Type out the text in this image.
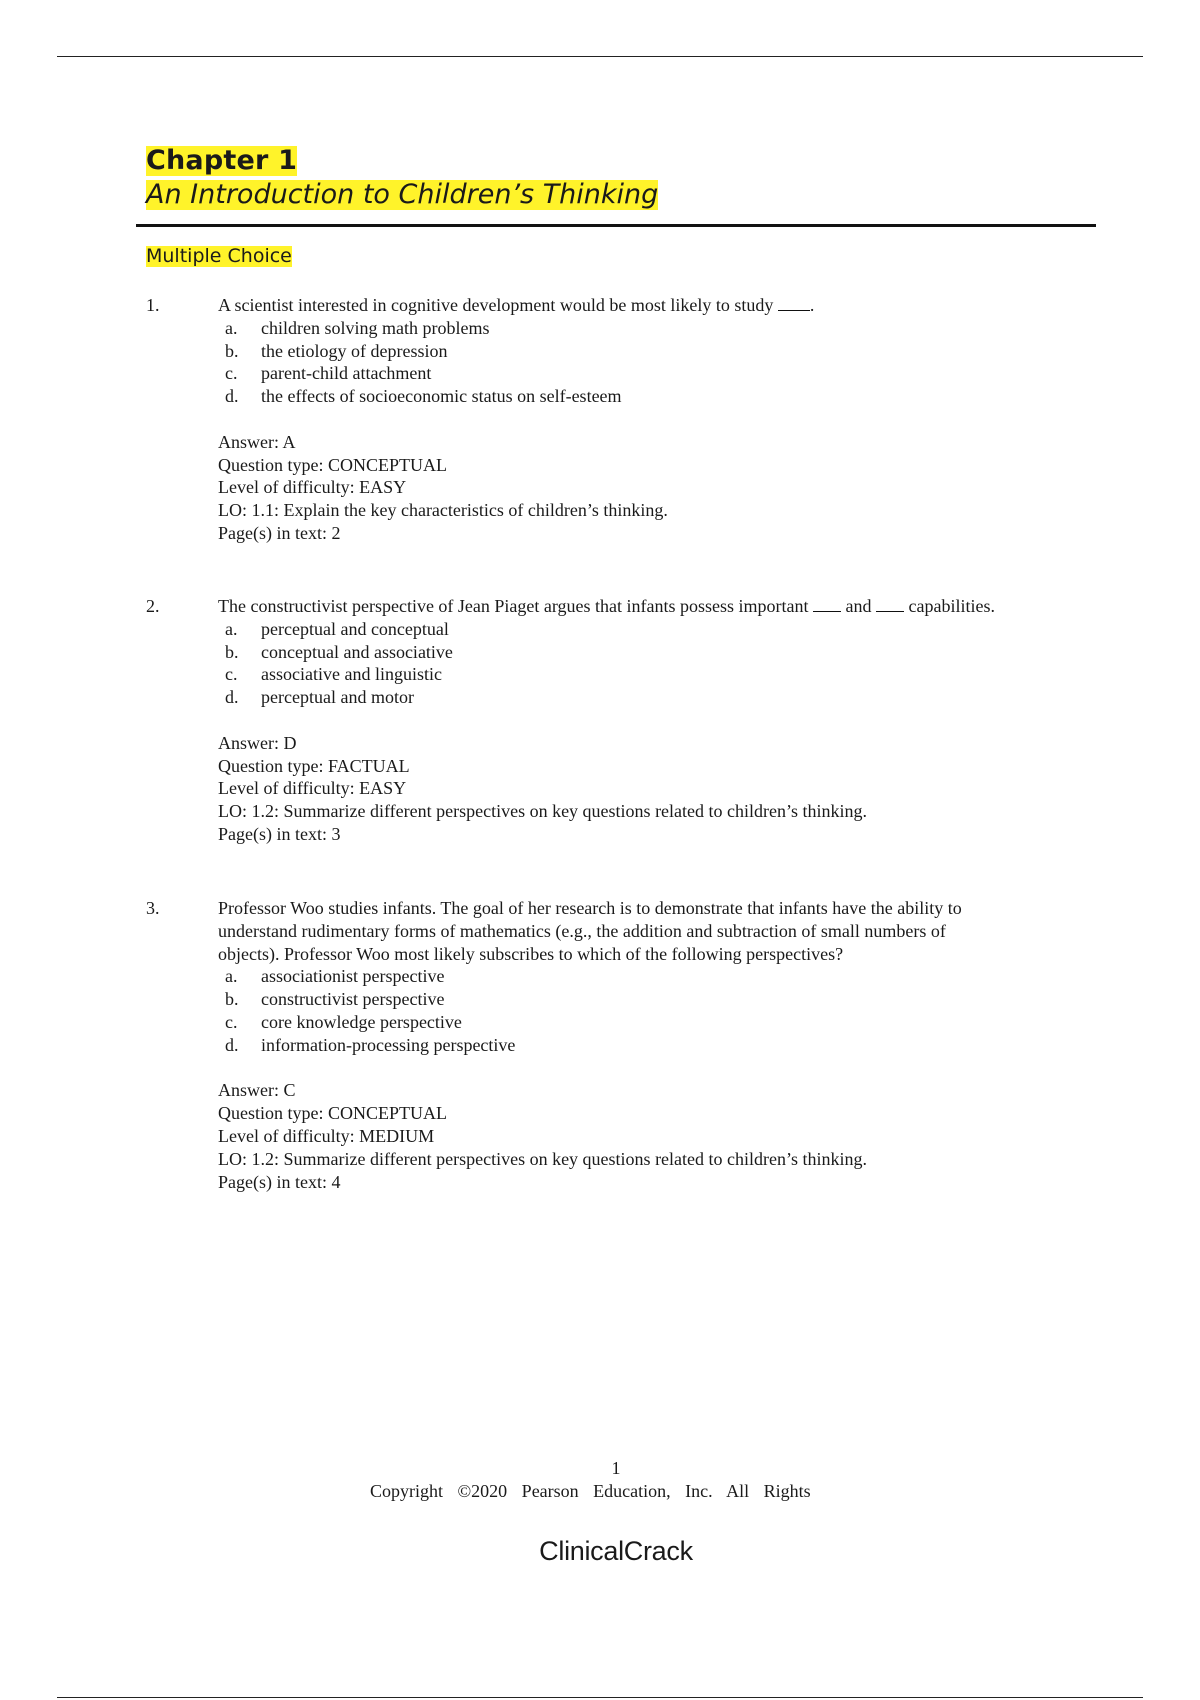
Chapter 1
An Introduction to Children’s Thinking
Multiple Choice
1.	A scientist interested in cognitive development would be most likely to study .

a. children solving math problems
b. the etiology of depression
c. parent-child attachment
d. the effects of socioeconomic status on self-esteem
Answer: A
Question type: CONCEPTUAL
Level of difficulty: EASY
LO: 1.1: Explain the key characteristics of children’s thinking.
Page(s) in text: 2
2.	The constructivist perspective of Jean Piaget argues that infants possess important and capabilities.

a. perceptual and conceptual
b. conceptual and associative
c. associative and linguistic
d. perceptual and motor
Answer: D
Question type: FACTUAL
Level of difficulty: EASY
LO: 1.2: Summarize different perspectives on key questions related to children’s thinking.
Page(s) in text: 3
3.	Professor Woo studies infants. The goal of her research is to demonstrate that infants have the ability to
understand rudimentary forms of mathematics (e.g., the addition and subtraction of small numbers of
objects). Professor Woo most likely subscribes to which of the following perspectives?

a. associationist perspective
b. constructivist perspective
c. core knowledge perspective
d. information-processing perspective
Answer: C
Question type: CONCEPTUAL
Level of difficulty: MEDIUM
LO: 1.2: Summarize different perspectives on key questions related to children’s thinking.
Page(s) in text: 4
1
Copyright ©2020 Pearson Education, Inc. All Rights
ClinicalCrack
